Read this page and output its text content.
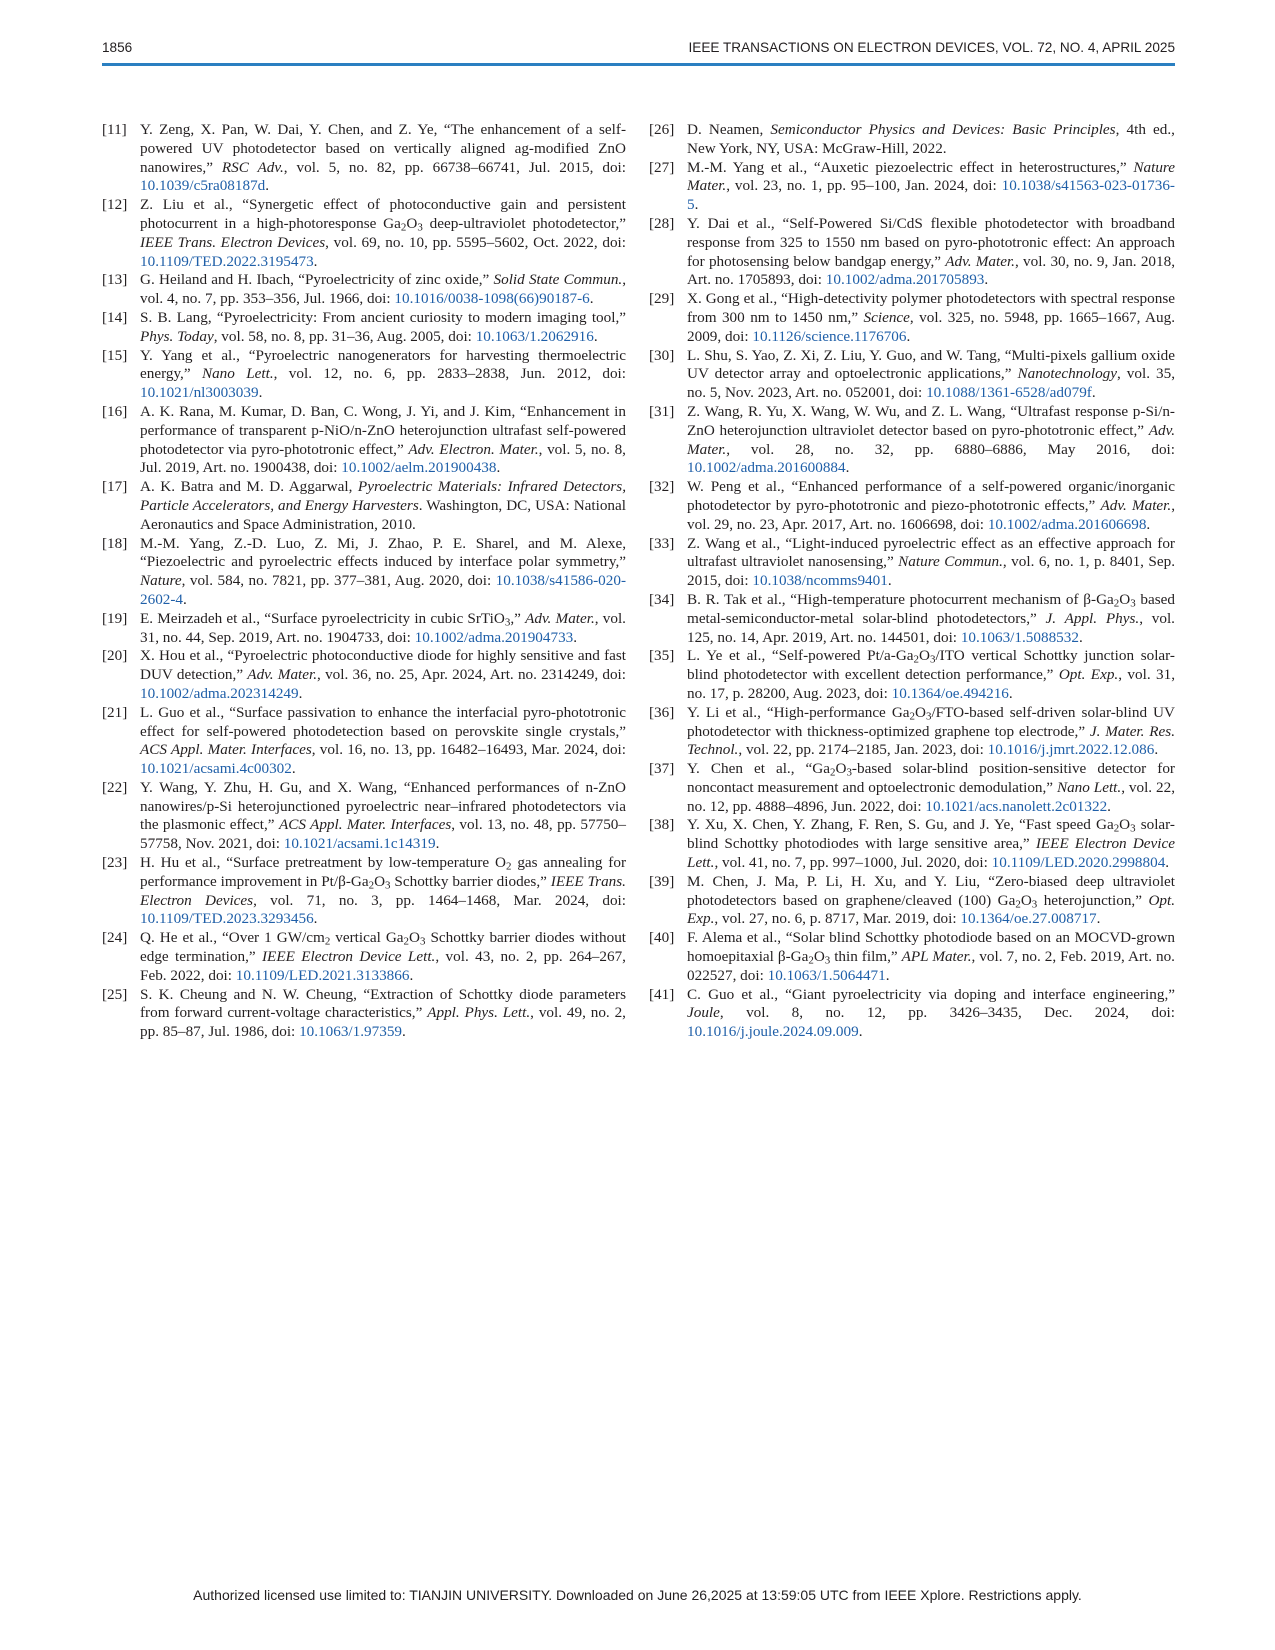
1856	IEEE TRANSACTIONS ON ELECTRON DEVICES, VOL. 72, NO. 4, APRIL 2025
[11] Y. Zeng, X. Pan, W. Dai, Y. Chen, and Z. Ye, “The enhancement of a self-powered UV photodetector based on vertically aligned ag-modified ZnO nanowires,” RSC Adv., vol. 5, no. 82, pp. 66738–66741, Jul. 2015, doi: 10.1039/c5ra08187d.
[12] Z. Liu et al., “Synergetic effect of photoconductive gain and persistent photocurrent in a high-photoresponse $Ga_2O_3$ deep-ultraviolet photodetector,” IEEE Trans. Electron Devices, vol. 69, no. 10, pp. 5595–5602, Oct. 2022, doi: 10.1109/TED.2022.3195473.
[13] G. Heiland and H. Ibach, “Pyroelectricity of zinc oxide,” Solid State Commun., vol. 4, no. 7, pp. 353–356, Jul. 1966, doi: 10.1016/0038-1098(66)90187-6.
[14] S. B. Lang, “Pyroelectricity: From ancient curiosity to modern imaging tool,” Phys. Today, vol. 58, no. 8, pp. 31–36, Aug. 2005, doi: 10.1063/1.2062916.
[15] Y. Yang et al., “Pyroelectric nanogenerators for harvesting thermoelectric energy,” Nano Lett., vol. 12, no. 6, pp. 2833–2838, Jun. 2012, doi: 10.1021/nl3003039.
[16] A. K. Rana, M. Kumar, D. Ban, C. Wong, J. Yi, and J. Kim, “Enhancement in performance of transparent p-NiO/n-ZnO heterojunction ultrafast self-powered photodetector via pyro-phototronic effect,” Adv. Electron. Mater., vol. 5, no. 8, Jul. 2019, Art. no. 1900438, doi: 10.1002/aelm.201900438.
[17] A. K. Batra and M. D. Aggarwal, Pyroelectric Materials: Infrared Detectors, Particle Accelerators, and Energy Harvesters. Washington, DC, USA: National Aeronautics and Space Administration, 2010.
[18] M.-M. Yang, Z.-D. Luo, Z. Mi, J. Zhao, P. E. Sharel, and M. Alexe, “Piezoelectric and pyroelectric effects induced by interface polar symmetry,” Nature, vol. 584, no. 7821, pp. 377–381, Aug. 2020, doi: 10.1038/s41586-020-2602-4.
[19] E. Meirzadeh et al., “Surface pyroelectricity in cubic SrTiO$_3$,” Adv. Mater., vol. 31, no. 44, Sep. 2019, Art. no. 1904733, doi: 10.1002/adma.201904733.
[20] X. Hou et al., “Pyroelectric photoconductive diode for highly sensitive and fast DUV detection,” Adv. Mater., vol. 36, no. 25, Apr. 2024, Art. no. 2314249, doi: 10.1002/adma.202314249.
[21] L. Guo et al., “Surface passivation to enhance the interfacial pyro-phototronic effect for self-powered photodetection based on perovskite single crystals,” ACS Appl. Mater. Interfaces, vol. 16, no. 13, pp. 16482–16493, Mar. 2024, doi: 10.1021/acsami.4c00302.
[22] Y. Wang, Y. Zhu, H. Gu, and X. Wang, “Enhanced performances of n-ZnO nanowires/p-Si heterojunctioned pyroelectric near–infrared photodetectors via the plasmonic effect,” ACS Appl. Mater. Interfaces, vol. 13, no. 48, pp. 57750–57758, Nov. 2021, doi: 10.1021/acsami.1c14319.
[23] H. Hu et al., “Surface pretreatment by low-temperature $O_2$ gas annealing for performance improvement in $Pt/\beta-Ga_2O_3$ Schottky barrier diodes,” IEEE Trans. Electron Devices, vol. 71, no. 3, pp. 1464–1468, Mar. 2024, doi: 10.1109/TED.2023.3293456.
[24] Q. He et al., “Over 1 $GW/cm_2$ vertical $Ga_2O_3$ Schottky barrier diodes without edge termination,” IEEE Electron Device Lett., vol. 43, no. 2, pp. 264–267, Feb. 2022, doi: 10.1109/LED.2021.3133866.
[25] S. K. Cheung and N. W. Cheung, “Extraction of Schottky diode parameters from forward current-voltage characteristics,” Appl. Phys. Lett., vol. 49, no. 2, pp. 85–87, Jul. 1986, doi: 10.1063/1.97359.
[26] D. Neamen, Semiconductor Physics and Devices: Basic Principles, 4th ed., New York, NY, USA: McGraw-Hill, 2022.
[27] M.-M. Yang et al., “Auxetic piezoelectric effect in heterostructures,” Nature Mater., vol. 23, no. 1, pp. 95–100, Jan. 2024, doi: 10.1038/s41563-023-01736-5.
[28] Y. Dai et al., “Self-Powered Si/CdS flexible photodetector with broadband response from 325 to 1550 nm based on pyro-phototronic effect: An approach for photosensing below bandgap energy,” Adv. Mater., vol. 30, no. 9, Jan. 2018, Art. no. 1705893, doi: 10.1002/adma.201705893.
[29] X. Gong et al., “High-detectivity polymer photodetectors with spectral response from 300 nm to 1450 nm,” Science, vol. 325, no. 5948, pp. 1665–1667, Aug. 2009, doi: 10.1126/science.1176706.
[30] L. Shu, S. Yao, Z. Xi, Z. Liu, Y. Guo, and W. Tang, “Multi-pixels gallium oxide UV detector array and optoelectronic applications,” Nanotechnology, vol. 35, no. 5, Nov. 2023, Art. no. 052001, doi: 10.1088/1361-6528/ad079f.
[31] Z. Wang, R. Yu, X. Wang, W. Wu, and Z. L. Wang, “Ultrafast response p-Si/n-ZnO heterojunction ultraviolet detector based on pyro-phototronic effect,” Adv. Mater., vol. 28, no. 32, pp. 6880–6886, May 2016, doi: 10.1002/adma.201600884.
[32] W. Peng et al., “Enhanced performance of a self-powered organic/inorganic photodetector by pyro-phototronic and piezo-phototronic effects,” Adv. Mater., vol. 29, no. 23, Apr. 2017, Art. no. 1606698, doi: 10.1002/adma.201606698.
[33] Z. Wang et al., “Light-induced pyroelectric effect as an effective approach for ultrafast ultraviolet nanosensing,” Nature Commun., vol. 6, no. 1, p. 8401, Sep. 2015, doi: 10.1038/ncomms9401.
[34] B. R. Tak et al., “High-temperature photocurrent mechanism of $\beta-Ga_2O_3$ based metal-semiconductor-metal solar-blind photodetectors,” J. Appl. Phys., vol. 125, no. 14, Apr. 2019, Art. no. 144501, doi: 10.1063/1.5088532.
[35] L. Ye et al., “Self-powered $Pt/a-Ga_2O_3$/ITO vertical Schottky junction solar-blind photodetector with excellent detection performance,” Opt. Exp., vol. 31, no. 17, p. 28200, Aug. 2023, doi: 10.1364/oe.494216.
[36] Y. Li et al., “High-performance $Ga_2O_3/FTO$-based self-driven solar-blind UV photodetector with thickness-optimized graphene top electrode,” J. Mater. Res. Technol., vol. 22, pp. 2174–2185, Jan. 2023, doi: 10.1016/j.jmrt.2022.12.086.
[37] Y. Chen et al., “$Ga_2O_3$-based solar-blind position-sensitive detector for noncontact measurement and optoelectronic demodulation,” Nano Lett., vol. 22, no. 12, pp. 4888–4896, Jun. 2022, doi: 10.1021/acs.nanolett.2c01322.
[38] Y. Xu, X. Chen, Y. Zhang, F. Ren, S. Gu, and J. Ye, “Fast speed $Ga_2O_3$ solar-blind Schottky photodiodes with large sensitive area,” IEEE Electron Device Lett., vol. 41, no. 7, pp. 997–1000, Jul. 2020, doi: 10.1109/LED.2020.2998804.
[39] M. Chen, J. Ma, P. Li, H. Xu, and Y. Liu, “Zero-biased deep ultraviolet photodetectors based on graphene/cleaved (100) $Ga_2O_3$ heterojunction,” Opt. Exp., vol. 27, no. 6, p. 8717, Mar. 2019, doi: 10.1364/oe.27.008717.
[40] F. Alema et al., “Solar blind Schottky photodiode based on an MOCVD-grown homoepitaxial $\beta-Ga_2O_3$ thin film,” APL Mater., vol. 7, no. 2, Feb. 2019, Art. no. 022527, doi: 10.1063/1.5064471.
[41] C. Guo et al., “Giant pyroelectricity via doping and interface engineering,” Joule, vol. 8, no. 12, pp. 3426–3435, Dec. 2024, doi: 10.1016/j.joule.2024.09.009.
Authorized licensed use limited to: TIANJIN UNIVERSITY. Downloaded on June 26,2025 at 13:59:05 UTC from IEEE Xplore. Restrictions apply.
